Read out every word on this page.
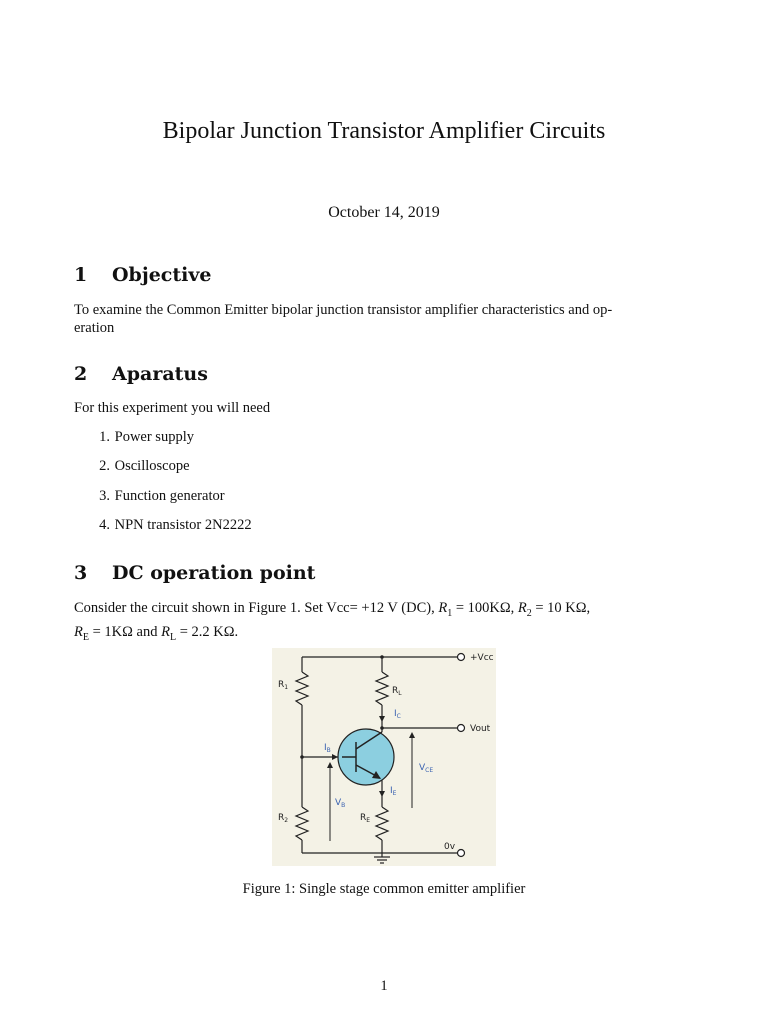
Bipolar Junction Transistor Amplifier Circuits
October 14, 2019
1 Objective
To examine the Common Emitter bipolar junction transistor amplifier characteristics and op-
eration
2 Aparatus
For this experiment you will need
1. Power supply
2. Oscilloscope
3. Function generator
4. NPN transistor 2N2222
3 DC operation point
Consider the circuit shown in Figure 1. Set Vcc= +12 V (DC), $R_1 = 100K\Omega$, $R_2 = 10$ KΩ,
$R_E = 1K\Omega$ and $R_L = 2.2$ KΩ.
+Vcc
Vout
0v
$R_1$	$R_L$
$R_2$	$R_E$
$I_C$
$I_B$
$V_{CE}$
$I_E$
$V_B$
Figure 1: Single stage common emitter amplifier
1
